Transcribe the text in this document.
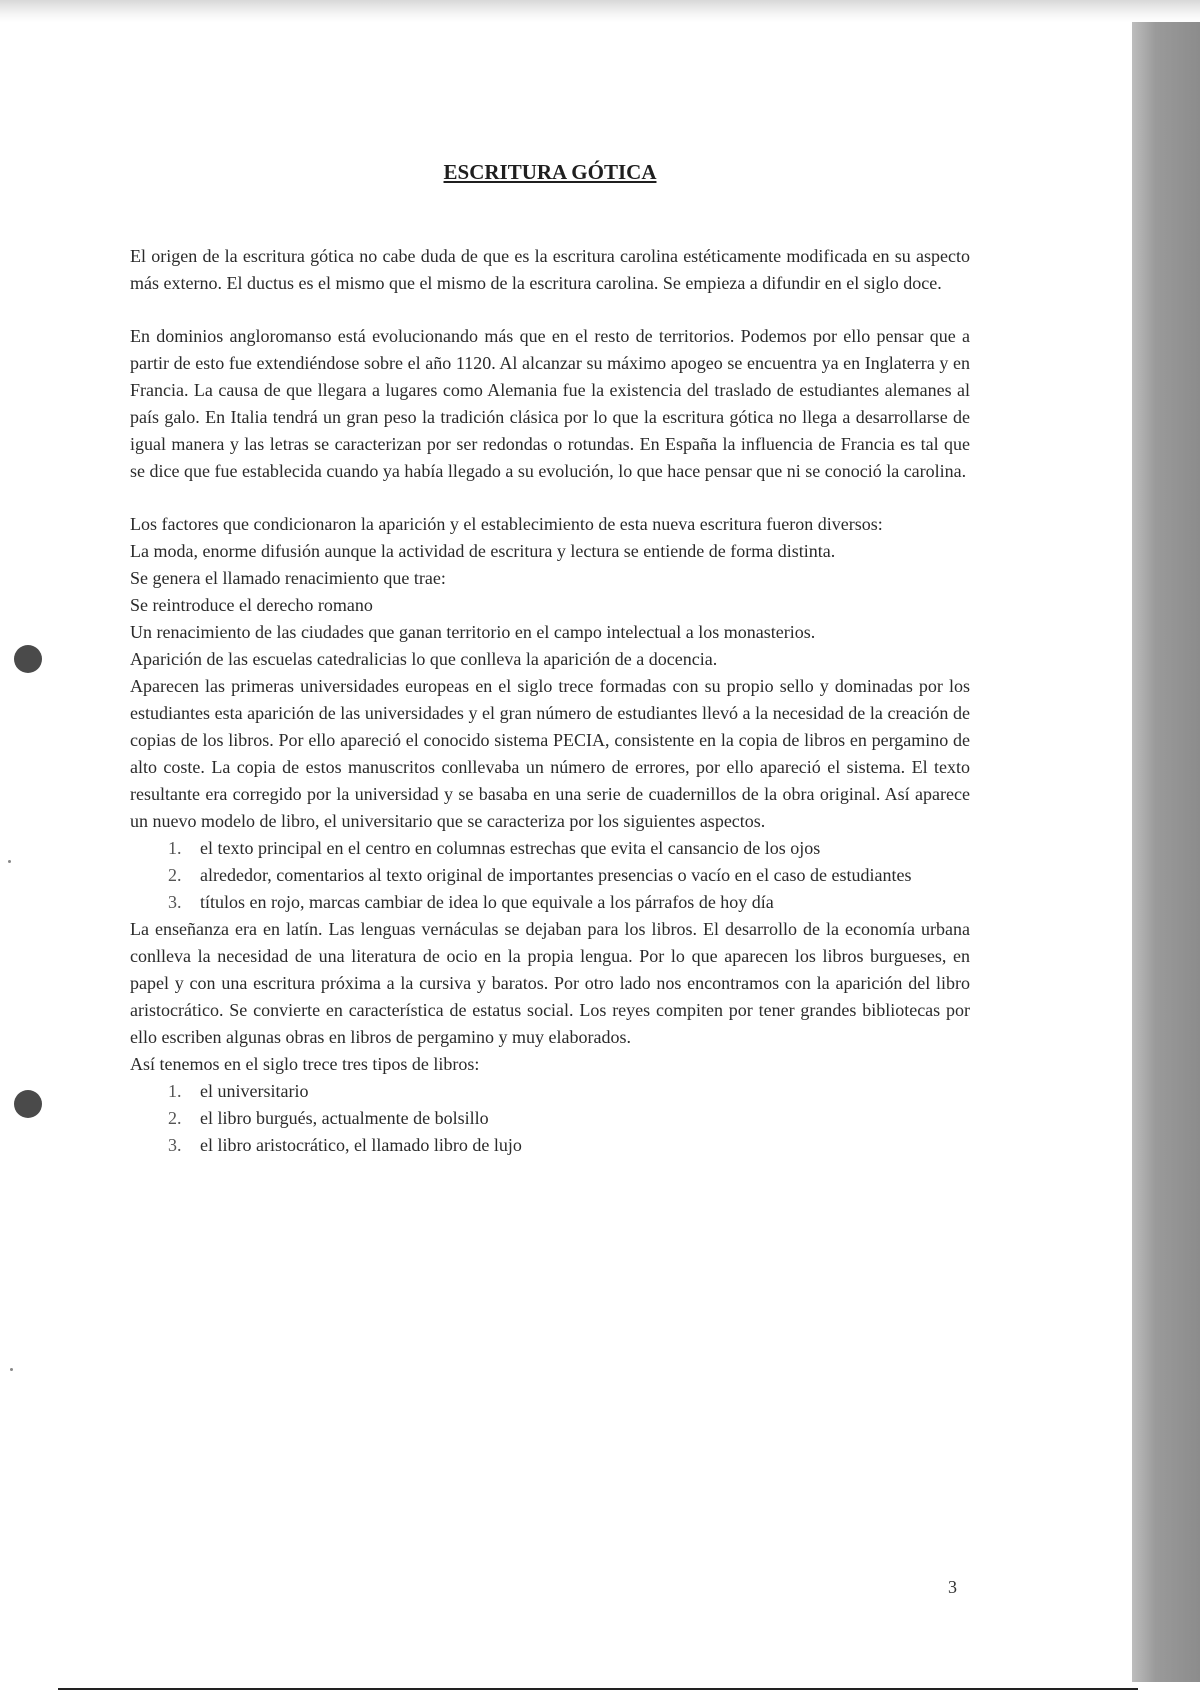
ESCRITURA GÓTICA

El origen de la escritura gótica no cabe duda de que es la escritura carolina estéticamente modificada en su aspecto más externo. El ductus es el mismo que el mismo de la escritura carolina. Se empieza a difundir en el siglo doce.

En dominios angloromanso está evolucionando más que en el resto de territorios. Podemos por ello pensar que a partir de esto fue extendiéndose sobre el año 1120. Al alcanzar su máximo apogeo se encuentra ya en Inglaterra y en Francia. La causa de que llegara a lugares como Alemania fue la existencia del traslado de estudiantes alemanes al país galo. En Italia tendrá un gran peso la tradición clásica por lo que la escritura gótica no llega a desarrollarse de igual manera y las letras se caracterizan por ser redondas o rotundas. En España la influencia de Francia es tal que se dice que fue establecida cuando ya había llegado a su evolución, lo que hace pensar que ni se conoció la carolina.

Los factores que condicionaron la aparición y el establecimiento de esta nueva escritura fueron diversos:

La moda, enorme difusión aunque la actividad de escritura y lectura se entiende de forma distinta.

Se genera el llamado renacimiento que trae:

Se reintroduce el derecho romano

Un renacimiento de las ciudades que ganan territorio en el campo intelectual a los monasterios.

Aparición de las escuelas catedralicias lo que conlleva la aparición de a docencia.

Aparecen las primeras universidades europeas en el siglo trece formadas con su propio sello y dominadas por los estudiantes esta aparición de las universidades y el gran número de estudiantes llevó a la necesidad de la creación de copias de los libros. Por ello apareció el conocido sistema PECIA, consistente en la copia de libros en pergamino de alto coste. La copia de estos manuscritos conllevaba un número de errores, por ello apareció el sistema. El texto resultante era corregido por la universidad y se basaba en una serie de cuadernillos de la obra original. Así aparece un nuevo modelo de libro, el universitario que se caracteriza por los siguientes aspectos.

1. el texto principal en el centro en columnas estrechas que evita el cansancio de los ojos
2. alrededor, comentarios al texto original de importantes presencias o vacío en el caso de estudiantes
3. títulos en rojo, marcas cambiar de idea lo que equivale a los párrafos de hoy día

La enseñanza era en latín. Las lenguas vernáculas se dejaban para los libros. El desarrollo de la economía urbana conlleva la necesidad de una literatura de ocio en la propia lengua. Por lo que aparecen los libros burgueses, en papel y con una escritura próxima a la cursiva y baratos. Por otro lado nos encontramos con la aparición del libro aristocrático. Se convierte en característica de estatus social. Los reyes compiten por tener grandes bibliotecas por ello escriben algunas obras en libros de pergamino y muy elaborados.

Así tenemos en el siglo trece tres tipos de libros:

1. el universitario
2. el libro burgués, actualmente de bolsillo
3. el libro aristocrático, el llamado libro de lujo
3
